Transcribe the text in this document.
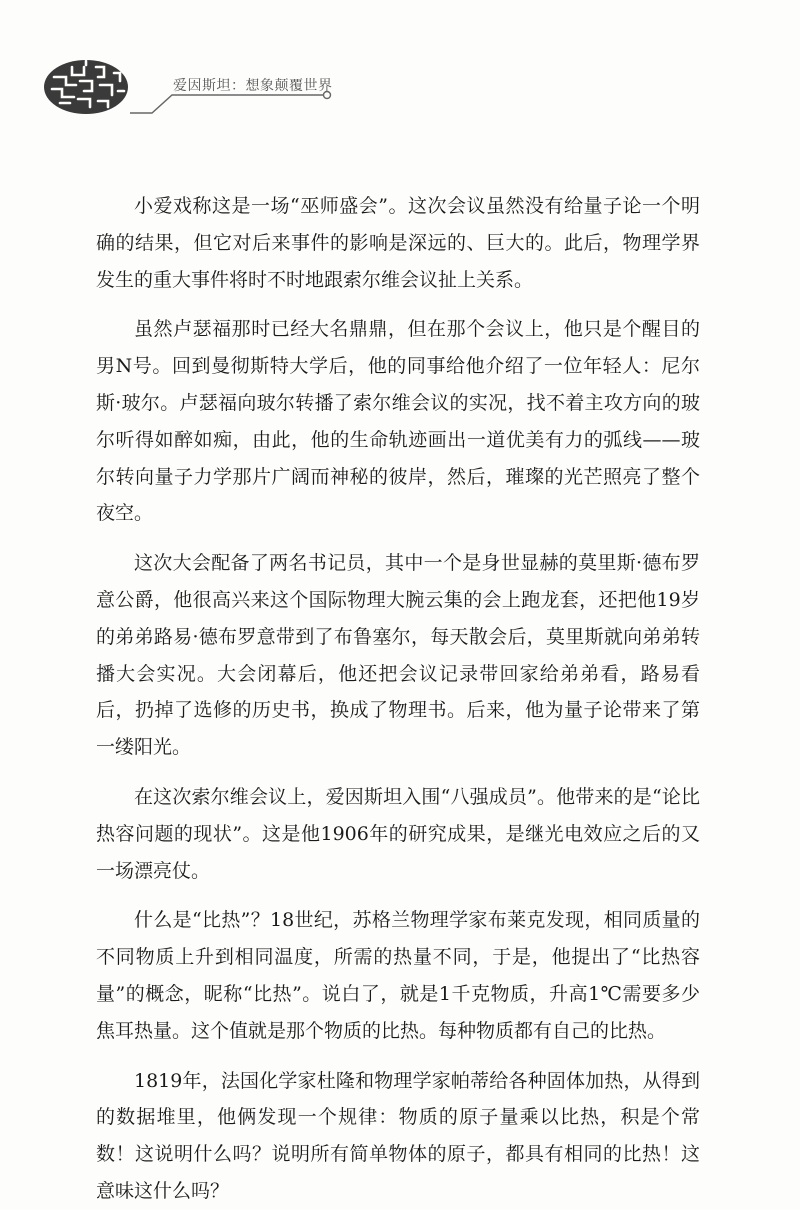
爱因斯坦：想象颠覆世界

小爱戏称这是一场“巫师盛会”。这次会议虽然没有给量子论一个明确的结果，但它对后来事件的影响是深远的、巨大的。此后，物理学界发生的重大事件将时不时地跟索尔维会议扯上关系。

虽然卢瑟福那时已经大名鼎鼎，但在那个会议上，他只是个醒目的男N号。回到曼彻斯特大学后，他的同事给他介绍了一位年轻人：尼尔斯·玻尔。卢瑟福向玻尔转播了索尔维会议的实况，找不着主攻方向的玻尔听得如醉如痴，由此，他的生命轨迹画出一道优美有力的弧线——玻尔转向量子力学那片广阔而神秘的彼岸，然后，璀璨的光芒照亮了整个夜空。

这次大会配备了两名书记员，其中一个是身世显赫的莫里斯·德布罗意公爵，他很高兴来这个国际物理大腕云集的会上跑龙套，还把他19岁的弟弟路易·德布罗意带到了布鲁塞尔，每天散会后，莫里斯就向弟弟转播大会实况。大会闭幕后，他还把会议记录带回家给弟弟看，路易看后，扔掉了选修的历史书，换成了物理书。后来，他为量子论带来了第一缕阳光。

在这次索尔维会议上，爱因斯坦入围“八强成员”。他带来的是“论比热容问题的现状”。这是他1906年的研究成果，是继光电效应之后的又一场漂亮仗。

什么是“比热”？18世纪，苏格兰物理学家布莱克发现，相同质量的不同物质上升到相同温度，所需的热量不同，于是，他提出了“比热容量”的概念，昵称“比热”。说白了，就是1千克物质，升高1℃需要多少焦耳热量。这个值就是那个物质的比热。每种物质都有自己的比热。

1819年，法国化学家杜隆和物理学家帕蒂给各种固体加热，从得到的数据堆里，他俩发现一个规律：物质的原子量乘以比热，积是个常数！这说明什么吗？说明所有简单物体的原子，都具有相同的比热！这意味这什么吗？
